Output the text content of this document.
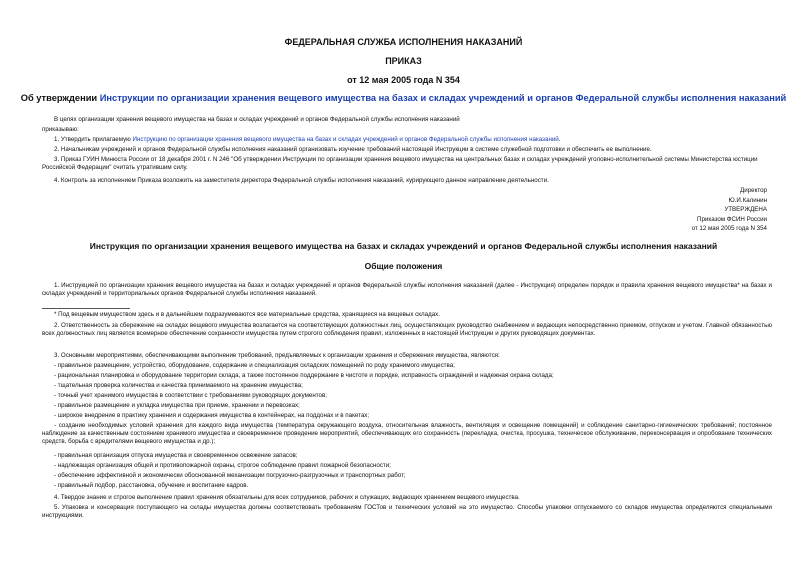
ФЕДЕРАЛЬНАЯ СЛУЖБА ИСПОЛНЕНИЯ НАКАЗАНИЙ
ПРИКАЗ
от 12 мая 2005 года N 354
Об утверждении Инструкции по организации хранения вещевого имущества на базах и складах учреждений и органов Федеральной службы исполнения наказаний
В целях организации хранения вещевого имущества на базах и складах учреждений и органов Федеральной службы исполнения наказаний
приказываю:
1. Утвердить прилагаемую Инструкцию по организации хранения вещевого имущества на базах и складах учреждений и органов Федеральной службы исполнения наказаний.
2. Начальникам учреждений и органов Федеральной службы исполнения наказаний организовать изучение требований настоящей Инструкции в системе служебной подготовки и обеспечить ее выполнение.
3. Приказ ГУИН Минюста России от 18 декабря 2001 г. N 246 "Об утверждении Инструкции по организации хранения вещевого имущества на центральных базах и складах учреждений уголовно-исполнительной системы Министерства юстиции Российской Федерации" считать утратившим силу.
4. Контроль за исполнением Приказа возложить на заместителя директора Федеральной службы исполнения наказаний, курирующего данное направление деятельности.
Директор
Ю.И.Калинин
УТВЕРЖДЕНА
Приказом ФСИН России
от 12 мая 2005 года N 354
Инструкция по организации хранения вещевого имущества на базах и складах учреждений и органов Федеральной службы исполнения наказаний
Общие положения
1. Инструкцией по организации хранения вещевого имущества на базах и складах учреждений и органов Федеральной службы исполнения наказаний (далее - Инструкция) определен порядок и правила хранения вещевого имущества* на базах и складах учреждений и территориальных органов Федеральной службы исполнения наказаний.
* Под вещевым имуществом здесь и в дальнейшем подразумеваются все материальные средства, хранящиеся на вещевых складах.
2. Ответственность за сбережение на складах вещевого имущества возлагается на соответствующих должностных лиц, осуществляющих руководство снабжением и ведающих непосредственно приемом, отпуском и учетом. Главной обязанностью всех должностных лиц является всемерное обеспечение сохранности имущества путем строгого соблюдения правил, изложенных в настоящей Инструкции и других руководящих документах.
3. Основными мероприятиями, обеспечивающими выполнение требований, предъявляемых к организации хранения и сбережения имущества, являются:
- правильное размещение, устройство, оборудование, содержание и специализация складских помещений по роду хранимого имущества;
- рациональная планировка и оборудование территории склада, а также постоянное поддержание в чистоте и порядке, исправность ограждений и надежная охрана склада;
- тщательная проверка количества и качества принимаемого на хранение имущества;
- точный учет хранимого имущества в соответствии с требованиями руководящих документов;
- правильное размещение и укладка имущества при приеме, хранении и перевозках;
- широкое внедрение в практику хранения и содержания имущества в контейнерах, на поддонах и в пакетах;
- создание необходимых условий хранения для каждого вида имущества (температура окружающего воздуха, относительная влажность, вентиляция и освещение помещений) и соблюдение санитарно-гигиенических требований; постоянное наблюдение за качественным состоянием хранимого имущества и своевременное проведение мероприятий, обеспечивающих его сохранность (перекладка, очистка, просушка, техническое обслуживание, переконсервация и опробование технических средств, борьба с вредителями вещевого имущества и др.);
- правильная организация отпуска имущества и своевременное освежение запасов;
- надлежащая организация общей и противопожарной охраны, строгое соблюдение правил пожарной безопасности;
- обеспечение эффективной и экономически обоснованной механизации погрузочно-разгрузочных и транспортных работ;
- правильный подбор, расстановка, обучение и воспитание кадров.
4. Твердое знание и строгое выполнение правил хранения обязательны для всех сотрудников, рабочих и служащих, ведающих хранением вещевого имущества.
5. Упаковка и консервация поступающего на склады имущества должны соответствовать требованиям ГОСТов и технических условий на это имущество. Способы упаковки отпускаемого со складов имущества определяются специальными инструкциями.
